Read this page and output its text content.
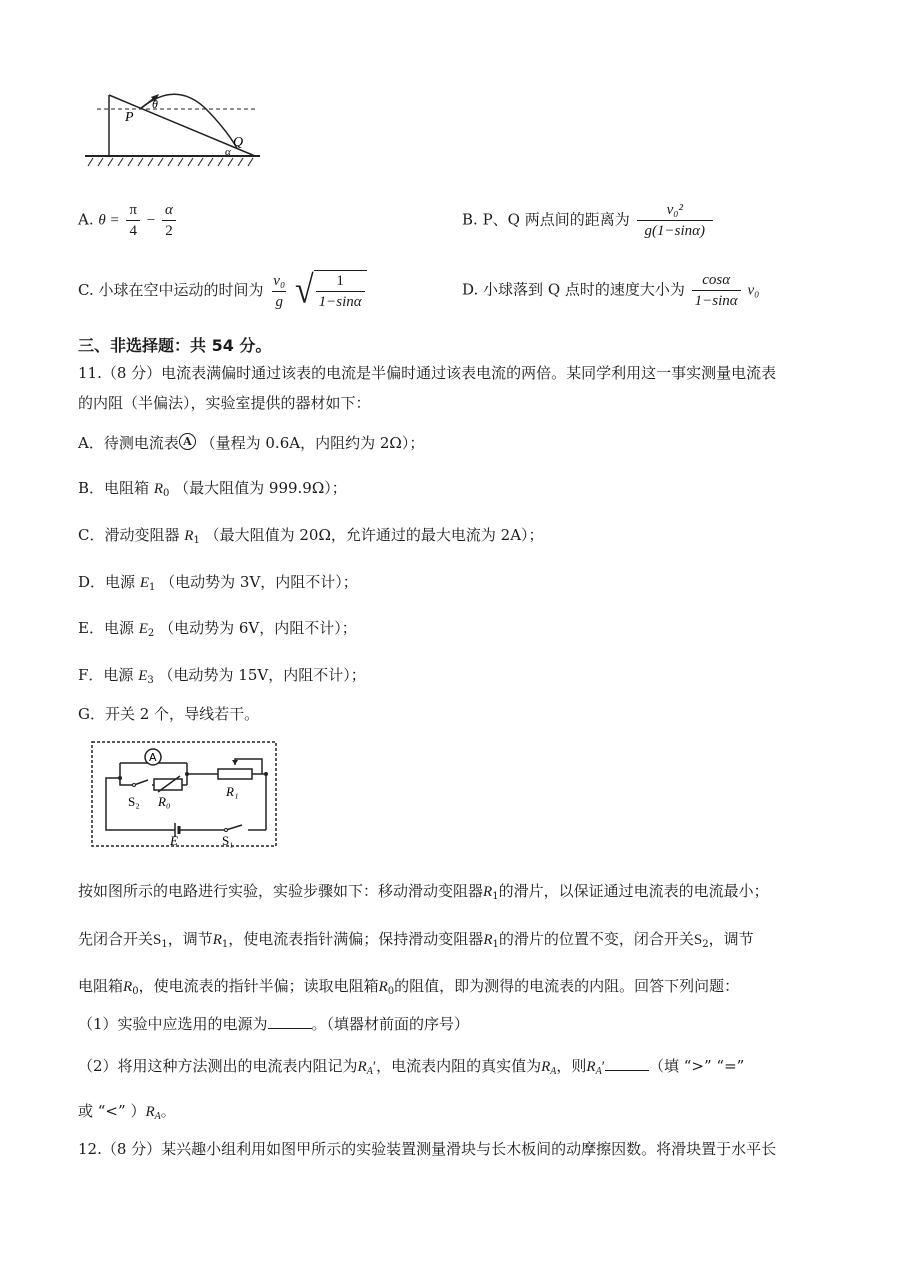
P
Q
θ
α
A. $\theta = \frac{\pi}{4} - \frac{\alpha}{2}$	B. P、Q 两点间的距离为 $\frac{\text{v₀²}}{g(1-\sin\alpha)}$
C. 小球在空中运动的时间为 $\frac{\text{v₀}}{g}$
√ $\frac{1}{1-\sin\alpha}$	D. 小球落到 Q 点时的速度大小为 $\frac{\cos\alpha}{1-\sin\alpha} v_0$
三、非选择题：共 54 分。
11.（8 分）电流表满偏时通过该表的电流是半偏时通过该表电流的两倍。某同学利用这一事实测量电流表
的内阻（半偏法），实验室提供的器材如下：
A．待测电流表 A （量程为 0.6A，内阻约为 2Ω）；
B．电阻箱 $R_0$ （最大阻值为 999.9Ω）；
C．滑动变阻器 $R_1$ （最大阻值为 20Ω，允许通过的最大电流为 2A）；
D．电源 $E_1$ （电动势为 3V，内阻不计）；
E．电源 $E_2$ （电动势为 6V，内阻不计）；
F．电源 $E_3$ （电动势为 15V，内阻不计）；
G．开关 2 个，导线若干。
A
S₂ R₀
R₁
E	S₁
按如图所示的电路进行实验，实验步骤如下：移动滑动变阻器$R_1$的滑片，以保证通过电流表的电流最小；
先闭合开关$S_1$，调节$R_1$，使电流表指针满偏；保持滑动变阻器$R_1$的滑片的位置不变，闭合开关$S_2$，调节
电阻箱$R_0$，使电流表的指针半偏；读取电阻箱$R_0$的阻值，即为测得的电流表的内阻。回答下列问题：
（1）实验中应选用的电源为	。（填器材前面的序号）
（2）将用这种方法测出的电流表内阻记为$R_A'$，电流表内阻的真实值为$R_A$，则$R_A'$	（填 “>” “=”
或 “<” ）$R_A$。
12.（8 分）某兴趣小组利用如图甲所示的实验装置测量滑块与长木板间的动摩擦因数。将滑块置于水平长
